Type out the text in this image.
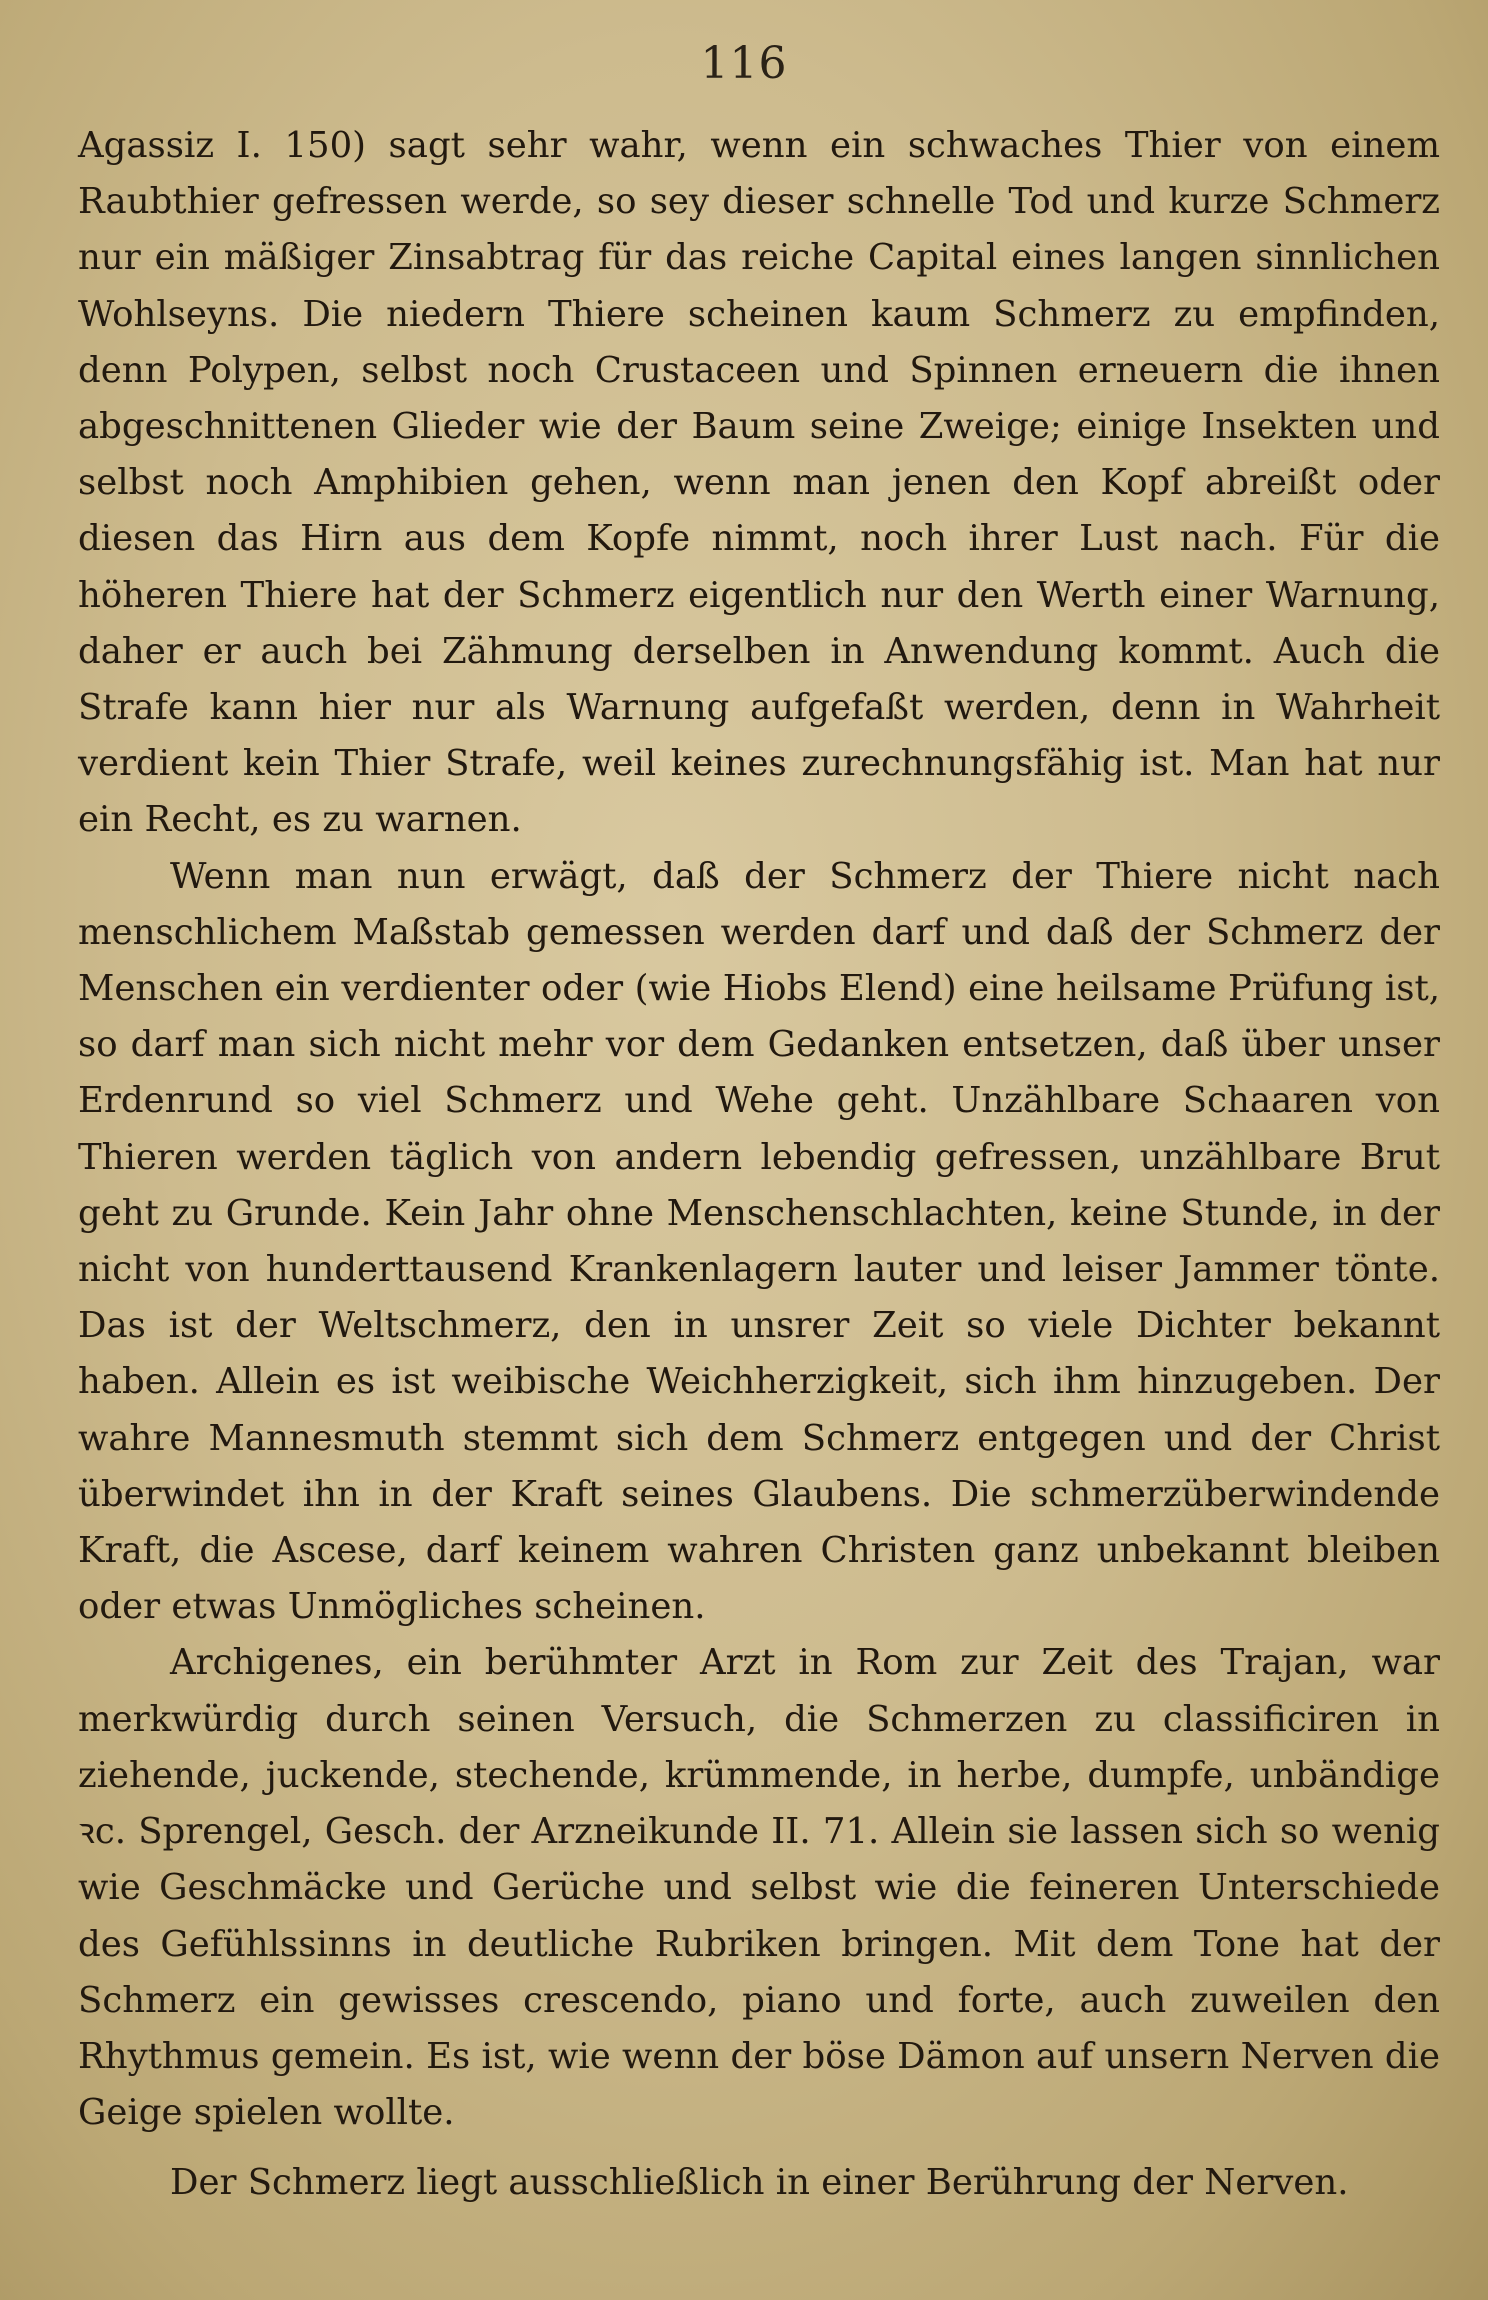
116

Agassiz I. 150) sagt sehr wahr, wenn ein schwaches Thier von einem Raubthier gefressen werde, so sey dieser schnelle Tod und kurze Schmerz nur ein mäßiger Zinsabtrag für das reiche Capital eines langen sinnlichen Wohlseyns. Die niedern Thiere scheinen kaum Schmerz zu empfinden, denn Polypen, selbst noch Crustaceen und Spinnen erneuern die ihnen abgeschnittenen Glieder wie der Baum seine Zweige; einige Insekten und selbst noch Amphibien gehen, wenn man jenen den Kopf abreißt oder diesen das Hirn aus dem Kopfe nimmt, noch ihrer Lust nach. Für die höheren Thiere hat der Schmerz eigentlich nur den Werth einer Warnung, daher er auch bei Zähmung derselben in Anwendung kommt. Auch die Strafe kann hier nur als Warnung aufgefaßt werden, denn in Wahrheit verdient kein Thier Strafe, weil keines zurechnungsfähig ist. Man hat nur ein Recht, es zu warnen.

Wenn man nun erwägt, daß der Schmerz der Thiere nicht nach menschlichem Maßstab gemessen werden darf und daß der Schmerz der Menschen ein verdienter oder (wie Hiobs Elend) eine heilsame Prüfung ist, so darf man sich nicht mehr vor dem Gedanken entsetzen, daß über unser Erdenrund so viel Schmerz und Wehe geht. Unzählbare Schaaren von Thieren werden täglich von andern lebendig gefressen, unzählbare Brut geht zu Grunde. Kein Jahr ohne Menschenschlachten, keine Stunde, in der nicht von hunderttausend Krankenlagern lauter und leiser Jammer tönte. Das ist der Weltschmerz, den in unsrer Zeit so viele Dichter bekannt haben. Allein es ist weibische Weichherzigkeit, sich ihm hinzugeben. Der wahre Mannesmuth stemmt sich dem Schmerz entgegen und der Christ überwindet ihn in der Kraft seines Glaubens. Die schmerzüberwindende Kraft, die Ascese, darf keinem wahren Christen ganz unbekannt bleiben oder etwas Unmögliches scheinen.

Archigenes, ein berühmter Arzt in Rom zur Zeit des Trajan, war merkwürdig durch seinen Versuch, die Schmerzen zu classificiren in ziehende, juckende, stechende, krümmende, in herbe, dumpfe, unbändige ꝛc. Sprengel, Gesch. der Arzneikunde II. 71. Allein sie lassen sich so wenig wie Geschmäcke und Gerüche und selbst wie die feineren Unterschiede des Gefühlssinns in deutliche Rubriken bringen. Mit dem Tone hat der Schmerz ein gewisses crescendo, piano und forte, auch zuweilen den Rhythmus gemein. Es ist, wie wenn der böse Dämon auf unsern Nerven die Geige spielen wollte.

Der Schmerz liegt ausschließlich in einer Berührung der Nerven.
